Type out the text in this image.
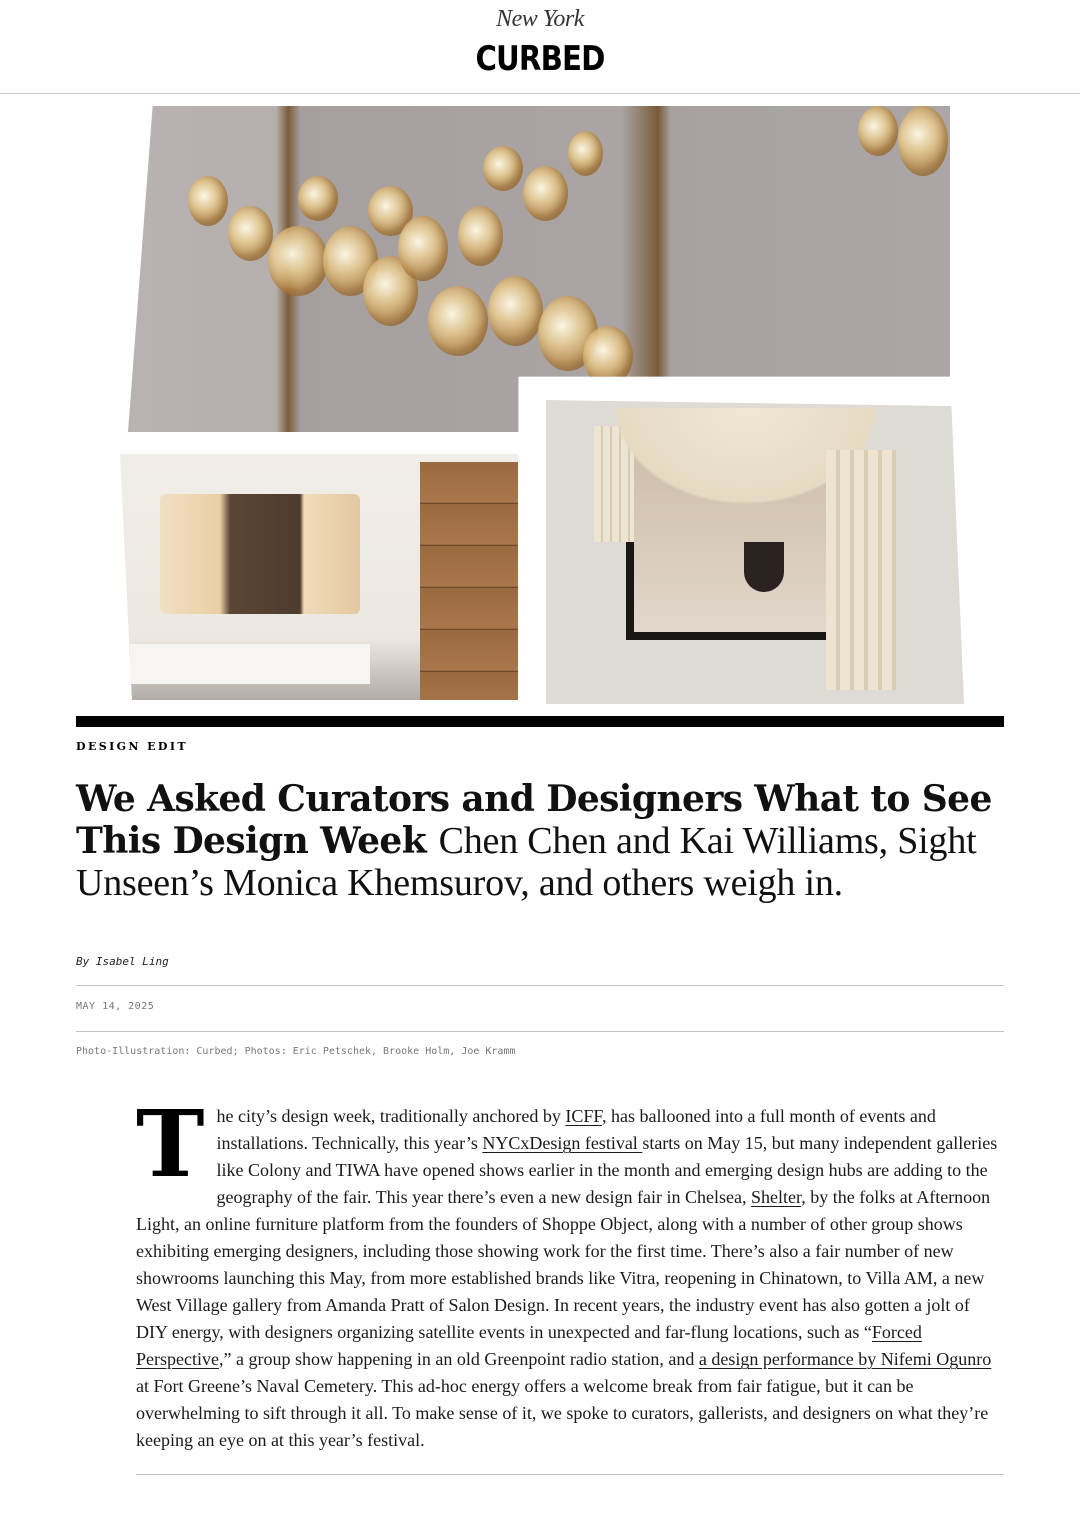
New York
CURBED
DESIGN EDIT
We Asked Curators and Designers What to See This Design Week Chen Chen and Kai Williams, Sight Unseen’s Monica Khemsurov, and others weigh in.
By Isabel Ling
MAY 14, 2025
Photo-Illustration: Curbed; Photos: Eric Petschek, Brooke Holm, Joe Kramm
The city’s design week, traditionally anchored by ICFF, has ballooned into a full month of events and installations. Technically, this year’s NYCxDesign festival starts on May 15, but many independent galleries like Colony and TIWA have opened shows earlier in the month and emerging design hubs are adding to the geography of the fair. This year there’s even a new design fair in Chelsea, Shelter, by the folks at Afternoon Light, an online furniture platform from the founders of Shoppe Object, along with a number of other group shows exhibiting emerging designers, including those showing work for the first time. There’s also a fair number of new showrooms launching this May, from more established brands like Vitra, reopening in Chinatown, to Villa AM, a new West Village gallery from Amanda Pratt of Salon Design. In recent years, the industry event has also gotten a jolt of DIY energy, with designers organizing satellite events in unexpected and far-flung locations, such as “Forced Perspective,” a group show happening in an old Greenpoint radio station, and a design performance by Nifemi Ogunro at Fort Greene’s Naval Cemetery. This ad-hoc energy offers a welcome break from fair fatigue, but it can be overwhelming to sift through it all. To make sense of it, we spoke to curators, gallerists, and designers on what they’re keeping an eye on at this year’s festival.
